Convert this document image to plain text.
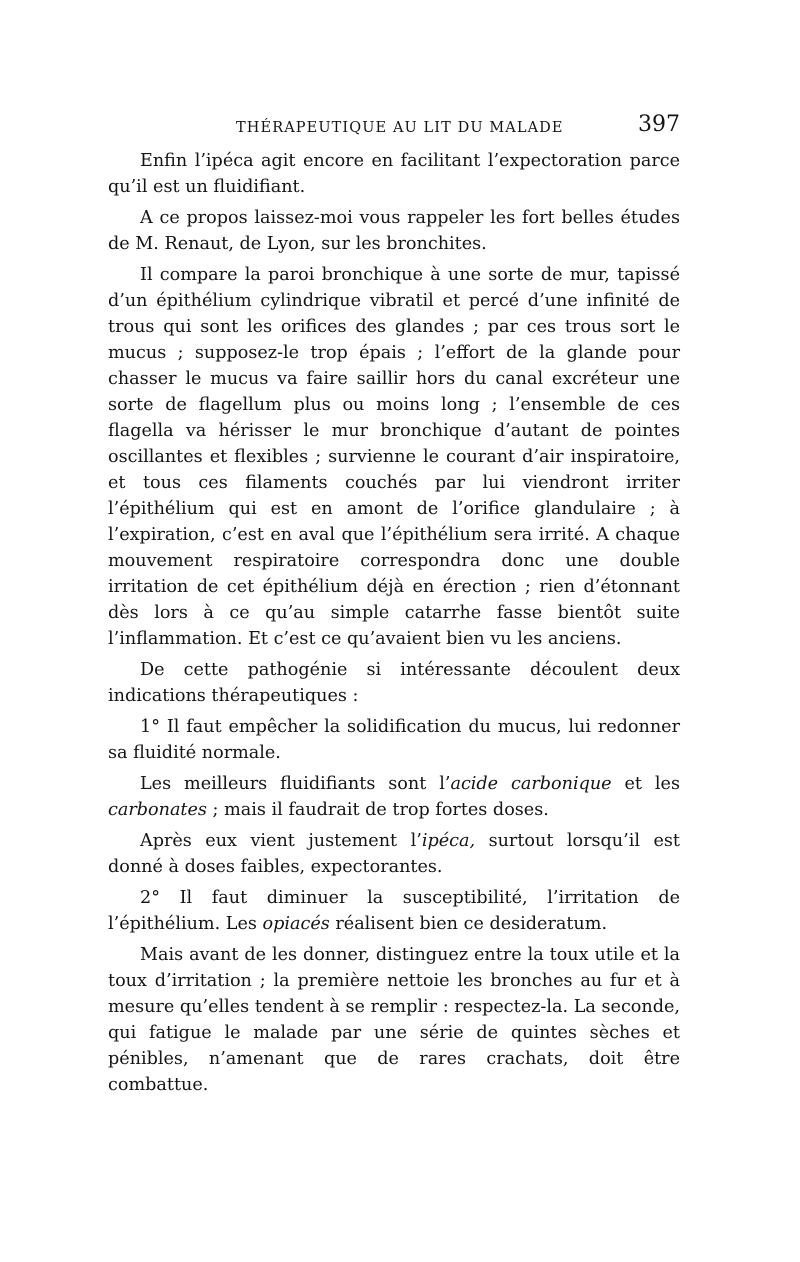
THÉRAPEUTIQUE AU LIT DU MALADE	397

Enfin l’ipéca agit encore en facilitant l’expectoration parce qu’il est un fluidifiant.

A ce propos laissez-moi vous rappeler les fort belles études de M. Renaut, de Lyon, sur les bronchites.

Il compare la paroi bronchique à une sorte de mur, tapissé d’un épithélium cylindrique vibratil et percé d’une infinité de trous qui sont les orifices des glandes ; par ces trous sort le mucus ; supposez-le trop épais ; l’effort de la glande pour chasser le mucus va faire saillir hors du canal excréteur une sorte de flagellum plus ou moins long ; l’ensemble de ces flagella va hérisser le mur bronchique d’autant de pointes oscillantes et flexibles ; survienne le courant d’air inspiratoire, et tous ces filaments couchés par lui viendront irriter l’épithélium qui est en amont de l’orifice glandulaire ; à l’expiration, c’est en aval que l’épithélium sera irrité. A chaque mouvement respiratoire correspondra donc une double irritation de cet épithélium déjà en érection ; rien d’étonnant dès lors à ce qu’au simple catarrhe fasse bientôt suite l’inflammation. Et c’est ce qu’avaient bien vu les anciens.

De cette pathogénie si intéressante découlent deux indications thérapeutiques :

1° Il faut empêcher la solidification du mucus, lui redonner sa fluidité normale.

Les meilleurs fluidifiants sont l’acide carbonique et les carbonates ; mais il faudrait de trop fortes doses.

Après eux vient justement l’ipéca, surtout lorsqu’il est donné à doses faibles, expectorantes.

2° Il faut diminuer la susceptibilité, l’irritation de l’épithélium. Les opiacés réalisent bien ce desideratum.

Mais avant de les donner, distinguez entre la toux utile et la toux d’irritation ; la première nettoie les bronches au fur et à mesure qu’elles tendent à se remplir : respectez-la. La seconde, qui fatigue le malade par une série de quintes sèches et pénibles, n’amenant que de rares crachats, doit être combattue.
